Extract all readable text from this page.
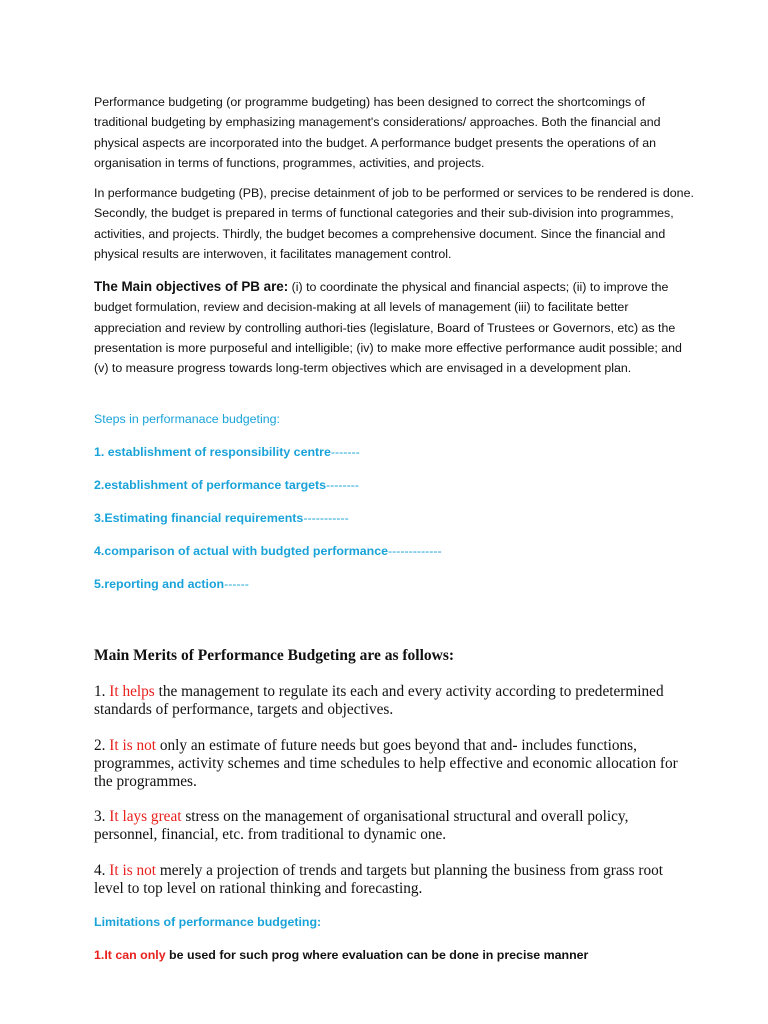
Performance budgeting (or programme budgeting) has been designed to correct the shortcomings of traditional budgeting by emphasizing management's considerations/ approaches. Both the financial and physical aspects are incorporated into the budget. A performance budget presents the operations of an organisation in terms of functions, programmes, activities, and projects.

In performance budgeting (PB), precise detainment of job to be performed or services to be rendered is done. Secondly, the budget is prepared in terms of functional categories and their sub-division into programmes, activities, and projects. Thirdly, the budget becomes a comprehensive document. Since the financial and physical results are interwoven, it facilitates management control.

The Main objectives of PB are: (i) to coordinate the physical and financial aspects; (ii) to improve the budget formulation, review and decision-making at all levels of management (iii) to facilitate better appreciation and review by controlling authori-ties (legislature, Board of Trustees or Governors, etc) as the presentation is more purposeful and intelligible; (iv) to make more effective performance audit possible; and (v) to measure progress towards long-term objectives which are envisaged in a development plan.

Steps in performanace budgeting:
1. establishment of responsibility centre-------
2.establishment of performance targets--------
3.Estimating financial requirements-----------
4.comparison of actual with budgted performance-------------
5.reporting and action------
Main Merits of Performance Budgeting are as follows:

1. It helps the management to regulate its each and every activity according to predetermined standards of performance, targets and objectives.

2. It is not only an estimate of future needs but goes beyond that and- includes functions, programmes, activity schemes and time schedules to help effective and economic allocation for the programmes.

3. It lays great stress on the management of organisational structural and overall policy, personnel, financial, etc. from traditional to dynamic one.

4. It is not merely a projection of trends and targets but planning the business from grass root level to top level on rational thinking and forecasting.

Limitations of performance budgeting:
1.It can only be used for such prog where evaluation can be done in precise manner
